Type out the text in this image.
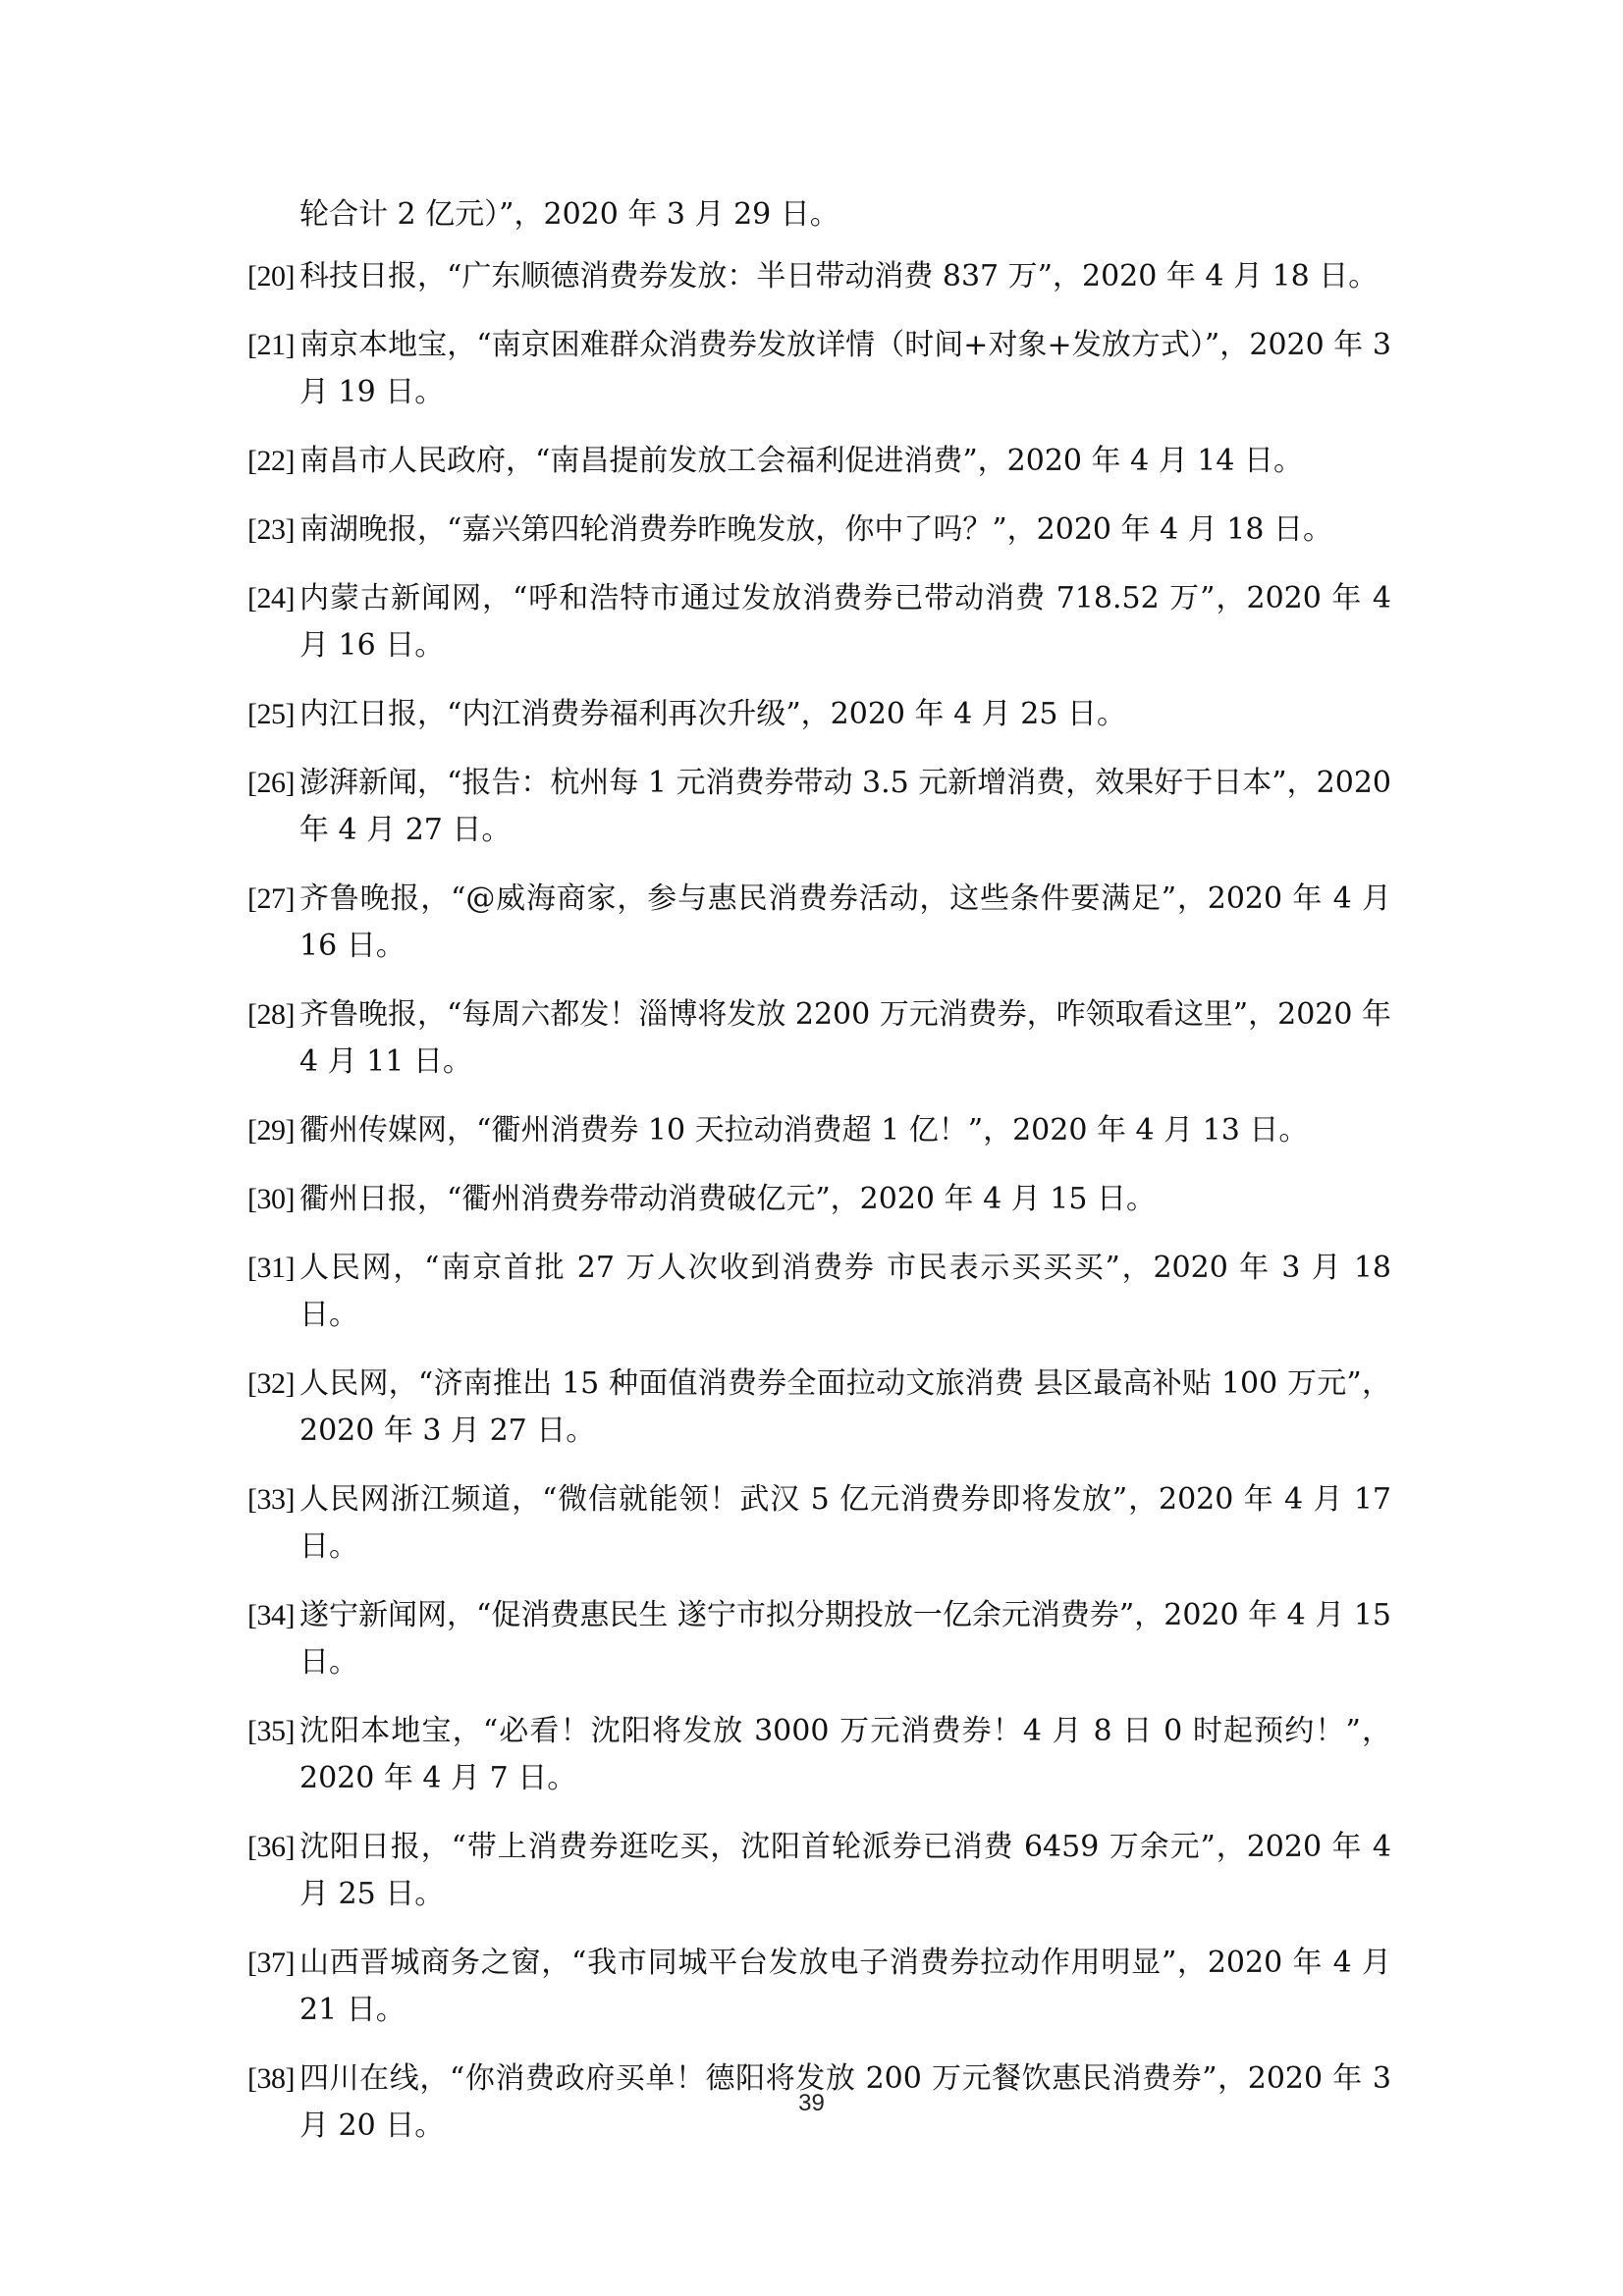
轮合计 2 亿元）”，2020 年 3 月 29 日。
[20] 科技日报，“广东顺德消费券发放：半日带动消费 837 万”，2020 年 4 月 18 日。
[21] 南京本地宝，“南京困难群众消费券发放详情（时间+对象+发放方式）”，2020 年 3 月 19 日。
[22] 南昌市人民政府，“南昌提前发放工会福利促进消费”，2020 年 4 月 14 日。
[23] 南湖晚报，“嘉兴第四轮消费券昨晚发放，你中了吗？”，2020 年 4 月 18 日。
[24] 内蒙古新闻网，“呼和浩特市通过发放消费券已带动消费 718.52 万”，2020 年 4 月 16 日。
[25] 内江日报，“内江消费券福利再次升级”，2020 年 4 月 25 日。
[26] 澎湃新闻，“报告：杭州每 1 元消费券带动 3.5 元新增消费，效果好于日本”，2020 年 4 月 27 日。
[27] 齐鲁晚报，“@威海商家，参与惠民消费券活动，这些条件要满足”，2020 年 4 月 16 日。
[28] 齐鲁晚报，“每周六都发！淄博将发放 2200 万元消费券，咋领取看这里”，2020 年 4 月 11 日。
[29] 衢州传媒网，“衢州消费券 10 天拉动消费超 1 亿！”，2020 年 4 月 13 日。
[30] 衢州日报，“衢州消费券带动消费破亿元”，2020 年 4 月 15 日。
[31] 人民网，“南京首批 27 万人次收到消费券 市民表示买买买”，2020 年 3 月 18 日。
[32] 人民网，“济南推出 15 种面值消费券全面拉动文旅消费 县区最高补贴 100 万元”，2020 年 3 月 27 日。
[33] 人民网浙江频道，“微信就能领！武汉 5 亿元消费券即将发放”，2020 年 4 月 17 日。
[34] 遂宁新闻网，“促消费惠民生 遂宁市拟分期投放一亿余元消费券”，2020 年 4 月 15 日。
[35] 沈阳本地宝，“必看！沈阳将发放 3000 万元消费券！4 月 8 日 0 时起预约！”，2020 年 4 月 7 日。
[36] 沈阳日报，“带上消费券逛吃买，沈阳首轮派券已消费 6459 万余元”，2020 年 4 月 25 日。
[37] 山西晋城商务之窗，“我市同城平台发放电子消费券拉动作用明显”，2020 年 4 月 21 日。
[38] 四川在线，“你消费政府买单！德阳将发放 200 万元餐饮惠民消费券”，2020 年 3 月 20 日。
39
